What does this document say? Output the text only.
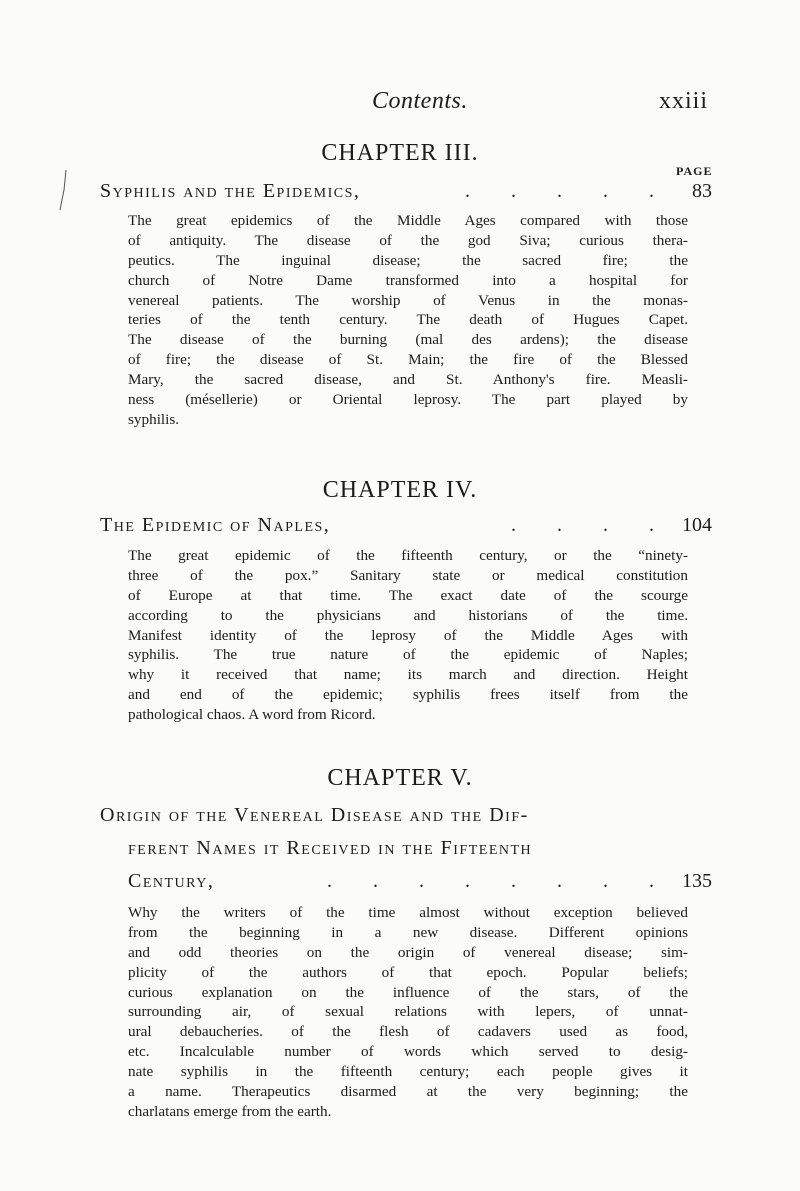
Contents.	xxiii
CHAPTER III.
PAGE
Syphilis and the Epidemics,	. . . . . 83
The great epidemics of the Middle Ages compared with those
of antiquity. The disease of the god Siva; curious thera-
peutics. The inguinal disease; the sacred fire; the
church of Notre Dame transformed into a hospital for
venereal patients. The worship of Venus in the monas-
teries of the tenth century. The death of Hugues Capet.
The disease of the burning (mal des ardens); the disease
of fire; the disease of St. Main; the fire of the Blessed
Mary, the sacred disease, and St. Anthony's fire. Measli-
ness (mésellerie) or Oriental leprosy. The part played by
syphilis.
CHAPTER IV.
The Epidemic of Naples,	. . . . 104
The great epidemic of the fifteenth century, or the “ninety-
three of the pox.” Sanitary state or medical constitution
of Europe at that time. The exact date of the scourge
according to the physicians and historians of the time.
Manifest identity of the leprosy of the Middle Ages with
syphilis. The true nature of the epidemic of Naples;
why it received that name; its march and direction. Height
and end of the epidemic; syphilis frees itself from the
pathological chaos. A word from Ricord.
CHAPTER V.
Origin of the Venereal Disease and the Dif-
ferent Names it Received in the Fifteenth
Century,	. . . . . . . . 135
Why the writers of the time almost without exception believed
from the beginning in a new disease. Different opinions
and odd theories on the origin of venereal disease; sim-
plicity of the authors of that epoch. Popular beliefs;
curious explanation on the influence of the stars, of the
surrounding air, of sexual relations with lepers, of unnat-
ural debaucheries. of the flesh of cadavers used as food,
etc. Incalculable number of words which served to desig-
nate syphilis in the fifteenth century; each people gives it
a name. Therapeutics disarmed at the very beginning; the
charlatans emerge from the earth.
